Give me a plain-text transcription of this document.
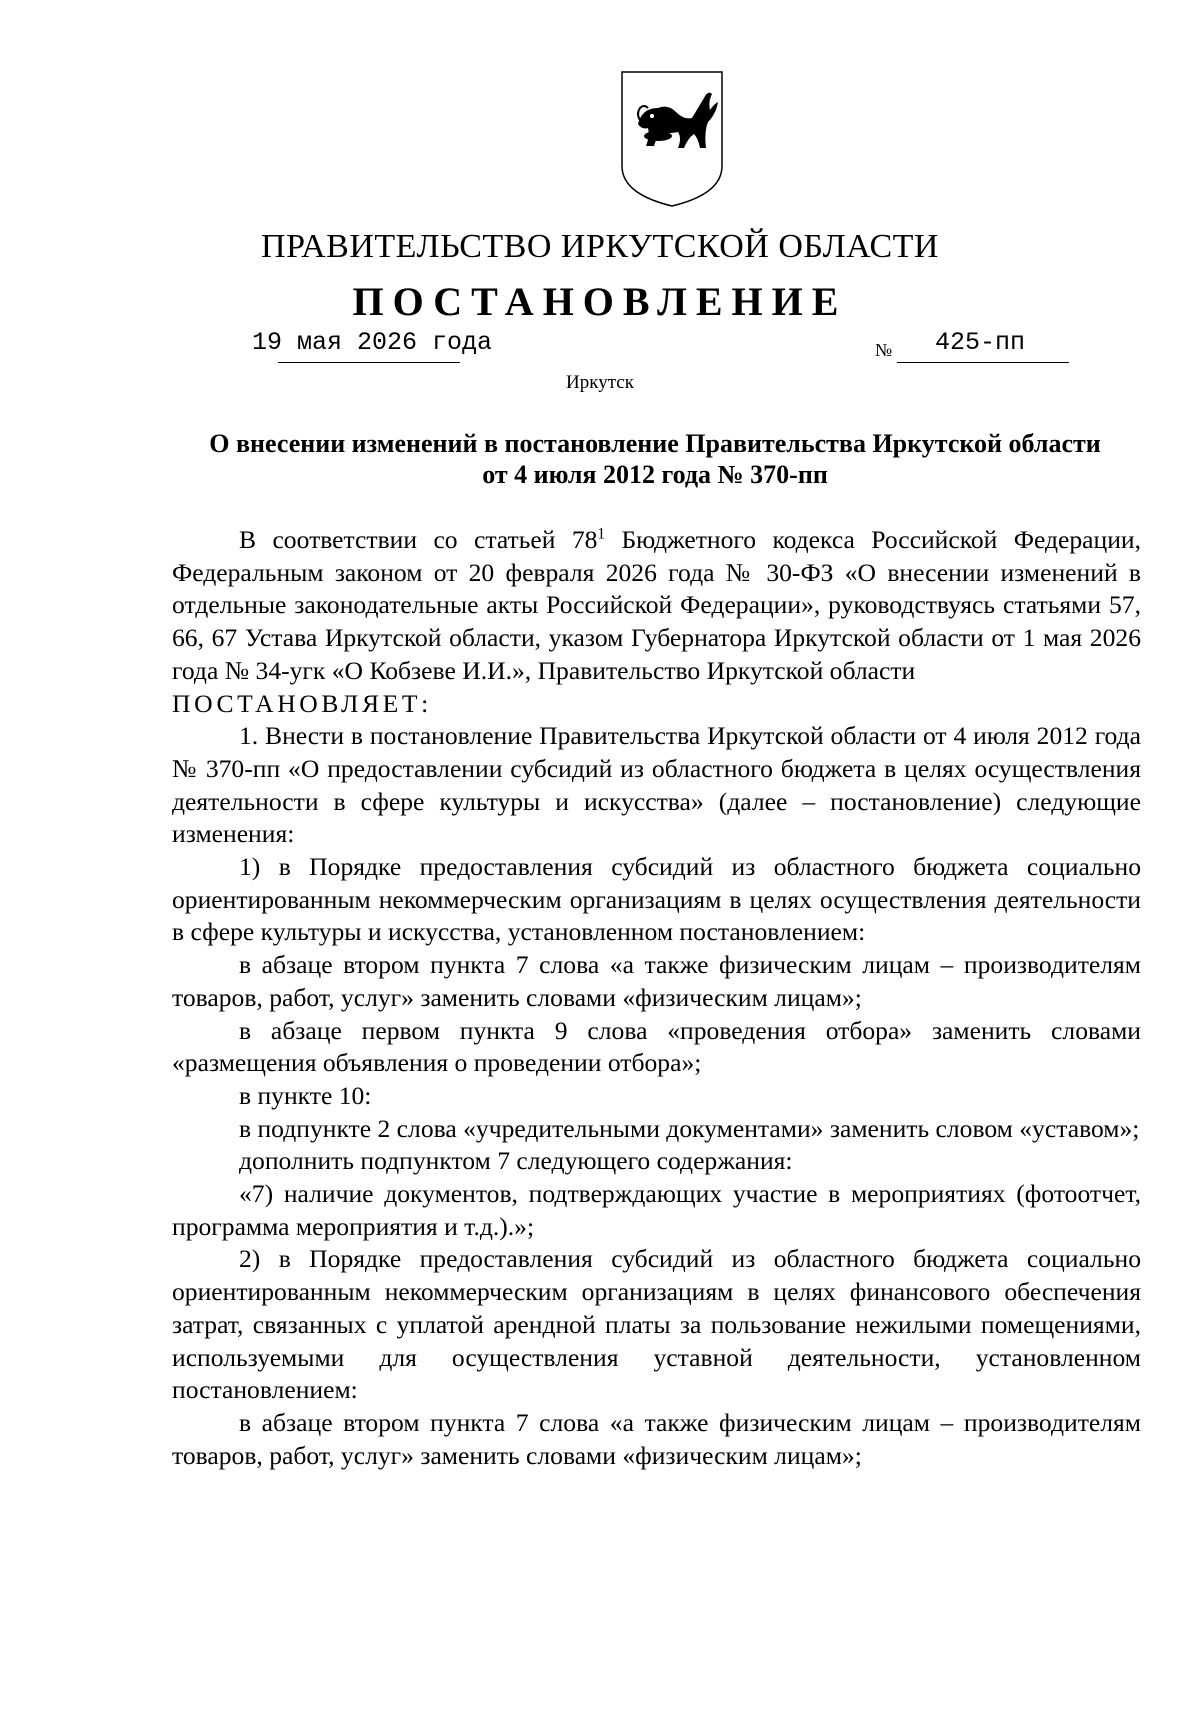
ПРАВИТЕЛЬСТВО ИРКУТСКОЙ ОБЛАСТИ
ПОСТАНОВЛЕНИЕ
19 мая 2026 года	№ 425-пп
Иркутск
О внесении изменений в постановление Правительства Иркутской области
от 4 июля 2012 года № 370-пп

В соответствии со статьей $78^1$ Бюджетного кодекса Российской Федерации, Федеральным законом от 20 февраля 2026 года № 30-ФЗ «О внесении изменений в отдельные законодательные акты Российской Федерации», руководствуясь статьями 57, 66, 67 Устава Иркутской области, указом Губернатора Иркутской области от 1 мая 2026 года № 34-угк «О Кобзеве И.И.», Правительство Иркутской области

ПОСТАНОВЛЯЕТ:

1. Внести в постановление Правительства Иркутской области от 4 июля 2012 года № 370-пп «О предоставлении субсидий из областного бюджета в целях осуществления деятельности в сфере культуры и искусства» (далее – постановление) следующие изменения:

1) в Порядке предоставления субсидий из областного бюджета социально ориентированным некоммерческим организациям в целях осуществления деятельности в сфере культуры и искусства, установленном постановлением:

в абзаце втором пункта 7 слова «а также физическим лицам – производителям товаров, работ, услуг» заменить словами «физическим лицам»;

в абзаце первом пункта 9 слова «проведения отбора» заменить словами «размещения объявления о проведении отбора»;

в пункте 10:

в подпункте 2 слова «учредительными документами» заменить словом «уставом»;

дополнить подпунктом 7 следующего содержания:

«7) наличие документов, подтверждающих участие в мероприятиях (фотоотчет, программа мероприятия и т.д.).»;

2) в Порядке предоставления субсидий из областного бюджета социально ориентированным некоммерческим организациям в целях финансового обеспечения затрат, связанных с уплатой арендной платы за пользование нежилыми помещениями, используемыми для осуществления уставной деятельности, установленном постановлением:

в абзаце втором пункта 7 слова «а также физическим лицам – производителям товаров, работ, услуг» заменить словами «физическим лицам»;
